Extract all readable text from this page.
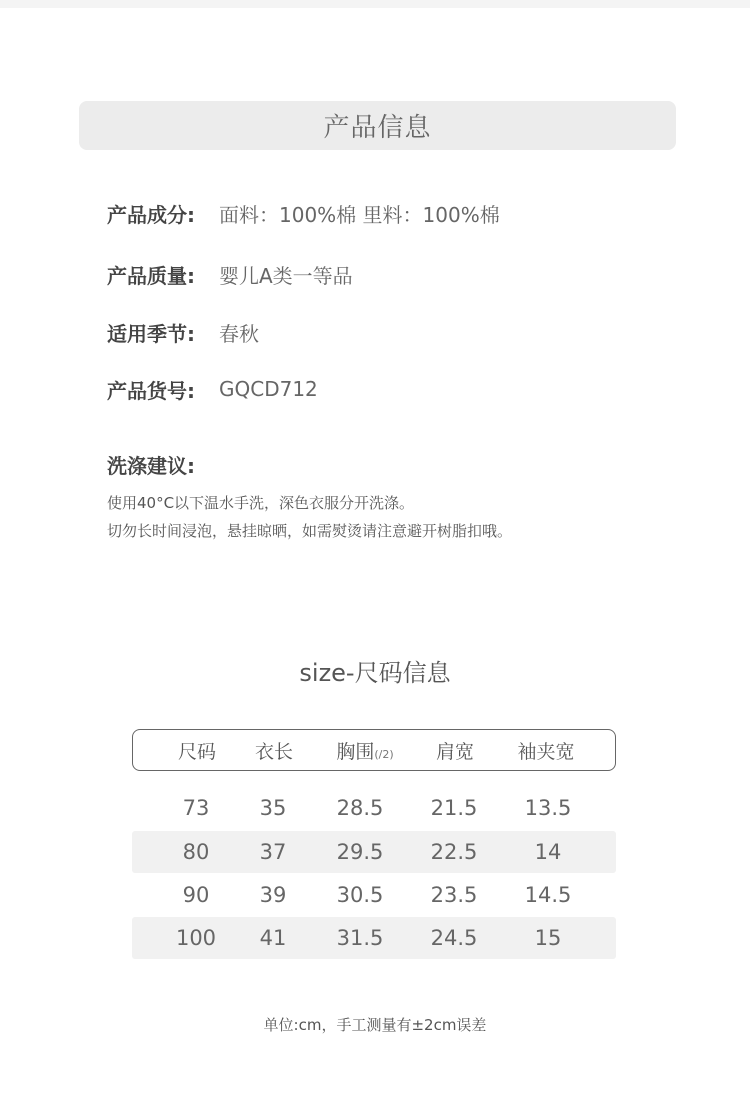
产品信息
产品成分:	面料：100%棉 里料：100%棉
产品质量:	婴儿A类一等品
适用季节:	春秋
产品货号:	GQCD712
洗涤建议:
使用40°C以下温水手洗，深色衣服分开洗涤。
切勿长时间浸泡，悬挂晾晒，如需熨烫请注意避开树脂扣哦。
size-尺码信息
尺码 衣长 胸围(/2) 肩宽 袖夹宽
73 35 28.5 21.5 13.5
80 37 29.5 22.5	14
90 39 30.5 23.5 14.5
100 41 31.5 24.5	15
单位:cm，手工测量有±2cm误差
